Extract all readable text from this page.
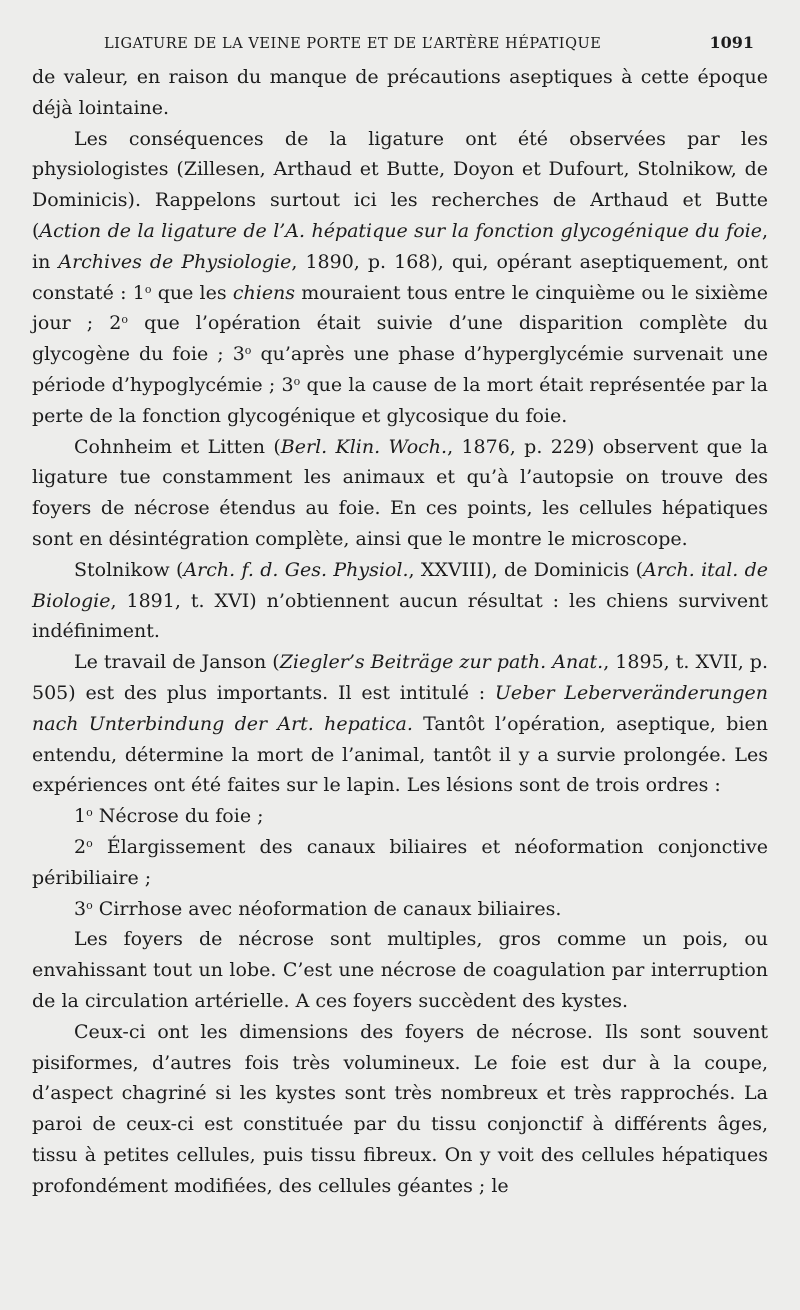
LIGATURE DE LA VEINE PORTE ET DE L’ARTÈRE HÉPATIQUE	1091

de valeur, en raison du manque de précautions aseptiques à cette époque déjà lointaine.

Les conséquences de la ligature ont été observées par les physiologistes (Zillesen, Arthaud et Butte, Doyon et Dufourt, Stolnikow, de Dominicis). Rappelons surtout ici les recherches de Arthaud et Butte (Action de la ligature de l’A. hépatique sur la fonction glycogénique du foie, in Archives de Physiologie, 1890, p. 168), qui, opérant aseptiquement, ont constaté : 1$^o$ que les chiens mouraient tous entre le cinquième ou le sixième jour ; 2$^o$ que l’opération était suivie d’une disparition complète du glycogène du foie ; 3$^o$ qu’après une phase d’hyperglycémie survenait une période d’hypoglycémie ; 3$^o$ que la cause de la mort était représentée par la perte de la fonction glycogénique et glycosique du foie.

Cohnheim et Litten (Berl. Klin. Woch., 1876, p. 229) observent que la ligature tue constamment les animaux et qu’à l’autopsie on trouve des foyers de nécrose étendus au foie. En ces points, les cellules hépatiques sont en désintégration complète, ainsi que le montre le microscope.

Stolnikow (Arch. f. d. Ges. Physiol., XXVIII), de Dominicis (Arch. ital. de Biologie, 1891, t. XVI) n’obtiennent aucun résultat : les chiens survivent indéfiniment.

Le travail de Janson (Ziegler’s Beiträge zur path. Anat., 1895, t. XVII, p. 505) est des plus importants. Il est intitulé : Ueber Leberveränderungen nach Unterbindung der Art. hepatica. Tantôt l’opération, aseptique, bien entendu, détermine la mort de l’animal, tantôt il y a survie prolongée. Les expériences ont été faites sur le lapin. Les lésions sont de trois ordres :

1$^o$ Nécrose du foie ;

2$^o$ Élargissement des canaux biliaires et néoformation conjonctive péribiliaire ;

3$^o$ Cirrhose avec néoformation de canaux biliaires.

Les foyers de nécrose sont multiples, gros comme un pois, ou envahissant tout un lobe. C’est une nécrose de coagulation par interruption de la circulation artérielle. A ces foyers succèdent des kystes.

Ceux-ci ont les dimensions des foyers de nécrose. Ils sont souvent pisiformes, d’autres fois très volumineux. Le foie est dur à la coupe, d’aspect chagriné si les kystes sont très nombreux et très rapprochés. La paroi de ceux-ci est constituée par du tissu conjonctif à différents âges, tissu à petites cellules, puis tissu fibreux. On y voit des cellules hépatiques profondément modifiées, des cellules géantes ; le
